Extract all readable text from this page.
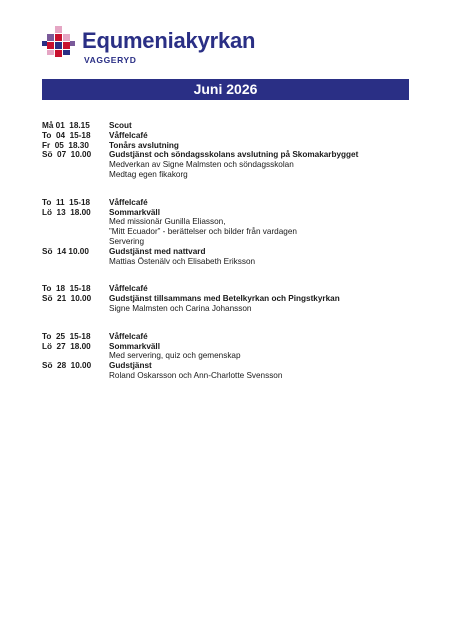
Equmeniakyrkan
VAGGERYD
Juni 2026
Må 01  18.15	Scout
To  04  15-18	Våffelcafé
Fr  05  18.30	Tonårs avslutning
Sö  07  10.00	Gudstjänst och söndagsskolans avslutning på Skomakarbygget
Medverkan av Signe Malmsten och söndagsskolan
Medtag egen fikakorg
To  11  15-18	Våffelcafé
Lö  13  18.00	Sommarkväll
Med missionär Gunilla Eliasson,
”Mitt Ecuador” - berättelser och bilder från vardagen
Servering
Sö  14 10.00	Gudstjänst med nattvard
Mattias Östenälv och Elisabeth Eriksson
To  18  15-18	Våffelcafé
Sö  21  10.00	Gudstjänst tillsammans med Betelkyrkan och Pingstkyrkan
Signe Malmsten och Carina Johansson
To  25  15-18	Våffelcafé
Lö  27  18.00	Sommarkväll
Med servering, quiz och gemenskap
Sö  28  10.00	Gudstjänst
Roland Oskarsson och Ann-Charlotte Svensson
